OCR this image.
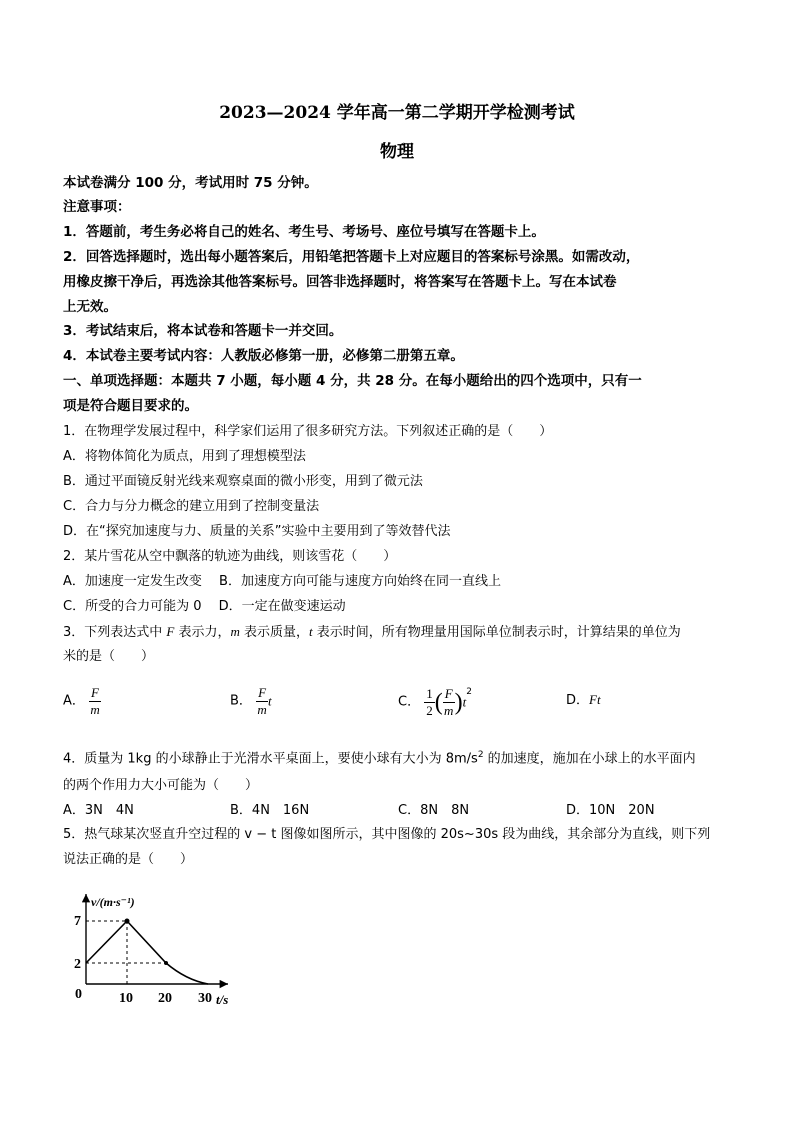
2023—2024 学年高一第二学期开学检测考试
物理
本试卷满分 100 分，考试用时 75 分钟。
注意事项：
1．答题前，考生务必将自己的姓名、考生号、考场号、座位号填写在答题卡上。
2．回答选择题时，选出每小题答案后，用铅笔把答题卡上对应题目的答案标号涂黑。如需改动，
用橡皮擦干净后，再选涂其他答案标号。回答非选择题时，将答案写在答题卡上。写在本试卷
上无效。
3．考试结束后，将本试卷和答题卡一并交回。
4．本试卷主要考试内容：人教版必修第一册，必修第二册第五章。
一、单项选择题：本题共 7 小题，每小题 4 分，共 28 分。在每小题给出的四个选项中，只有一
项是符合题目要求的。
1．在物理学发展过程中，科学家们运用了很多研究方法。下列叙述正确的是（　　）
A．将物体简化为质点，用到了理想模型法
B．通过平面镜反射光线来观察桌面的微小形变，用到了微元法
C．合力与分力概念的建立用到了控制变量法
D．在“探究加速度与力、质量的关系”实验中主要用到了等效替代法
2．某片雪花从空中飘落的轨迹为曲线，则该雪花（　　）
A．加速度一定发生改变　 B．加速度方向可能与速度方向始终在同一直线上
C．所受的合力可能为 0　 D．一定在做变速运动
3．下列表达式中 F 表示力，m 表示质量，t 表示时间，所有物理量用国际单位制表示时，计算结果的单位为
米的是（　　）
A． $\frac{F}{m}$	B． $\frac{F}{m}$ t	C． $\frac{1}{2}$ ( $\frac{F}{m} )t^2$
D．Ft
4．质量为 1kg 的小球静止于光滑水平桌面上，要使小球有大小为 $8m/s^2$ 的加速度，施加在小球上的水平面内
的两个作用力大小可能为（　　）
A．3N　4N	B．4N　16N	C．8N　8N	D．10N　20N
5．热气球某次竖直升空过程的 v − t 图像如图所示，其中图像的 20s~30s 段为曲线，其余部分为直线，则下列
说法正确的是（　　）
v/(m·s⁻¹)
7
2
0	10 20 30 t/s
